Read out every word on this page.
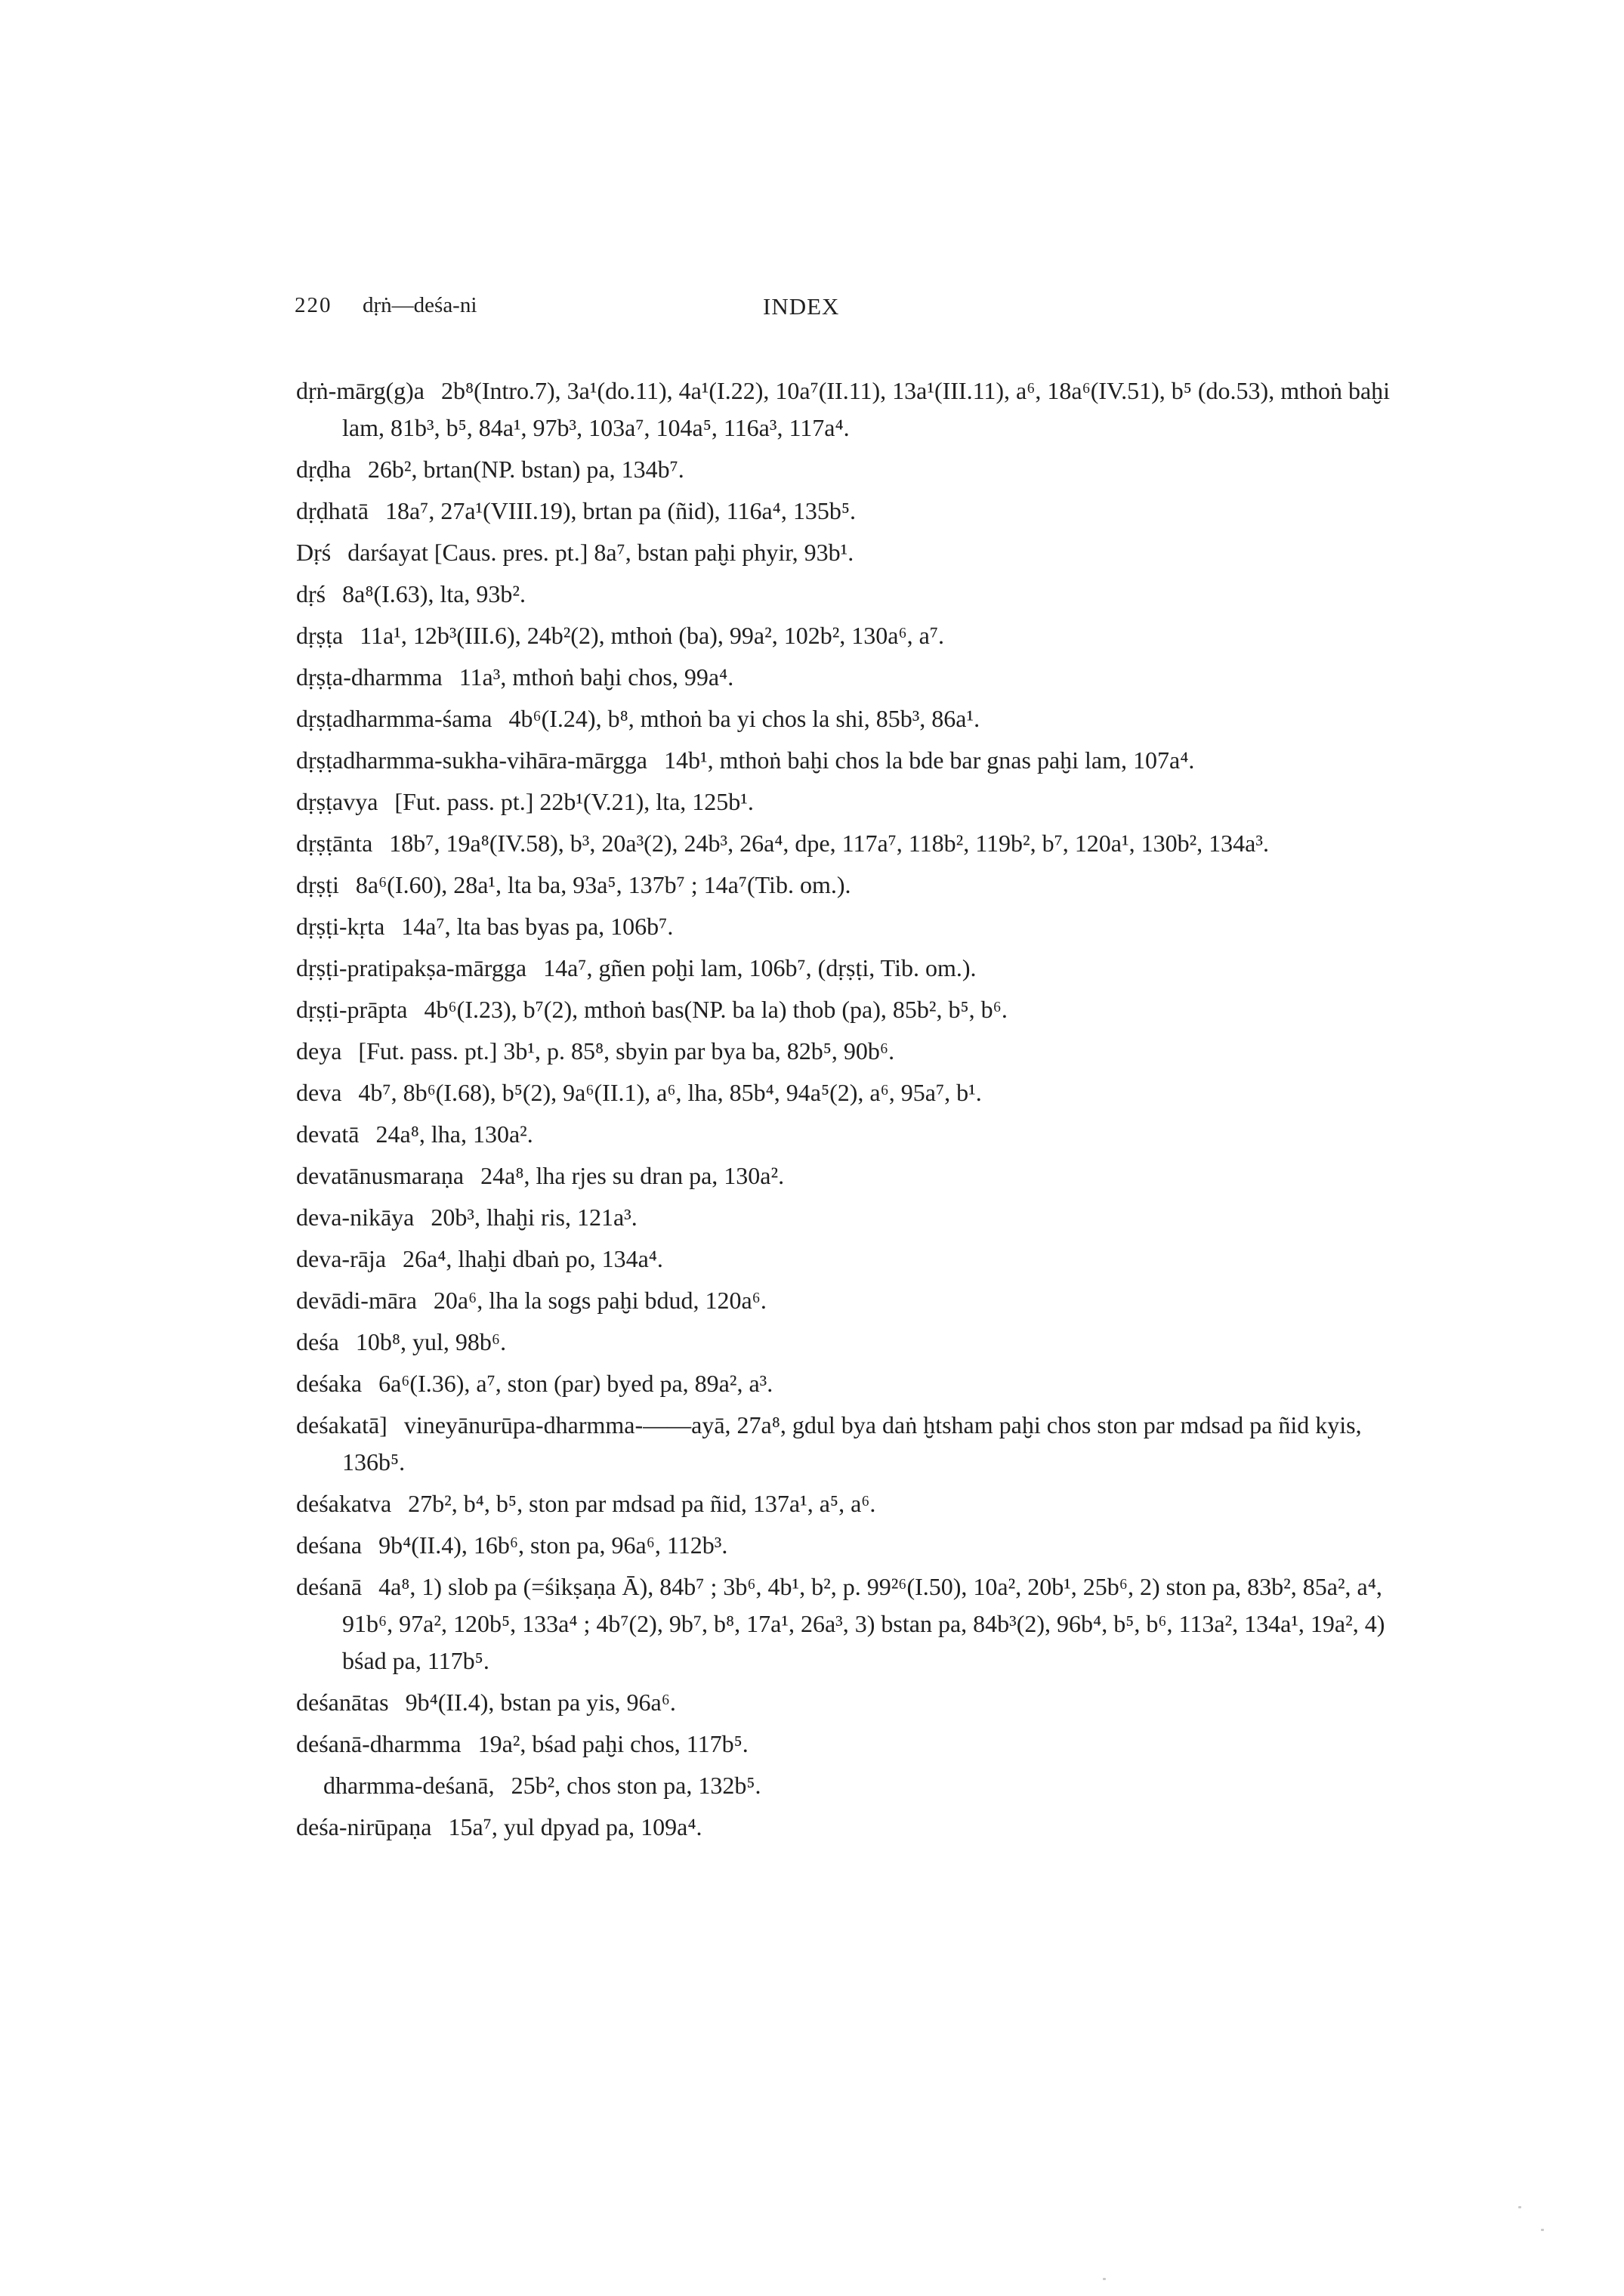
220 dṛṅ—deśa-ni	INDEX
dṛṅ-mārg(g)a 2b⁸(Intro.7), 3a¹(do.11), 4a¹(I.22), 10a⁷(II.11), 13a¹(III.11), a⁶, 18a⁶(IV.51), b⁵ (do.53), mthoṅ baḫi lam, 81b³, b⁵, 84a¹, 97b³, 103a⁷, 104a⁵, 116a³, 117a⁴.
dṛḍha 26b², brtan(NP. bstan) pa, 134b⁷.
dṛḍhatā 18a⁷, 27a¹(VIII.19), brtan pa (ñid), 116a⁴, 135b⁵.
Dṛś darśayat [Caus. pres. pt.] 8a⁷, bstan paḫi phyir, 93b¹.
dṛś 8a⁸(I.63), lta, 93b².
dṛṣṭa 11a¹, 12b³(III.6), 24b²(2), mthoṅ (ba), 99a², 102b², 130a⁶, a⁷.
dṛṣṭa-dharmma 11a³, mthoṅ baḫi chos, 99a⁴.
dṛṣṭadharmma-śama 4b⁶(I.24), b⁸, mthoṅ ba yi chos la shi, 85b³, 86a¹.
dṛṣṭadharmma-sukha-vihāra-mārgga 14b¹, mthoṅ baḫi chos la bde bar gnas paḫi lam, 107a⁴.
dṛṣṭavya [Fut. pass. pt.] 22b¹(V.21), lta, 125b¹.
dṛṣṭānta 18b⁷, 19a⁸(IV.58), b³, 20a³(2), 24b³, 26a⁴, dpe, 117a⁷, 118b², 119b², b⁷, 120a¹, 130b², 134a³.
dṛṣṭi 8a⁶(I.60), 28a¹, lta ba, 93a⁵, 137b⁷ ; 14a⁷(Tib. om.).
dṛṣṭi-kṛta 14a⁷, lta bas byas pa, 106b⁷.
dṛṣṭi-pratipakṣa-mārgga 14a⁷, gñen poḫi lam, 106b⁷, (dṛṣṭi, Tib. om.).
dṛṣṭi-prāpta 4b⁶(I.23), b⁷(2), mthoṅ bas(NP. ba la) thob (pa), 85b², b⁵, b⁶.
deya [Fut. pass. pt.] 3b¹, p. 85⁸, sbyin par bya ba, 82b⁵, 90b⁶.
deva 4b⁷, 8b⁶(I.68), b⁵(2), 9a⁶(II.1), a⁶, lha, 85b⁴, 94a⁵(2), a⁶, 95a⁷, b¹.
devatā 24a⁸, lha, 130a².
devatānusmaraṇa 24a⁸, lha rjes su dran pa, 130a².
deva-nikāya 20b³, lhaḫi ris, 121a³.
deva-rāja 26a⁴, lhaḫi dbaṅ po, 134a⁴.
devādi-māra 20a⁶, lha la sogs paḫi bdud, 120a⁶.
deśa 10b⁸, yul, 98b⁶.
deśaka 6a⁶(I.36), a⁷, ston (par) byed pa, 89a², a³.
deśakatā] vineyānurūpa-dharmma-——ayā, 27a⁸, gdul bya daṅ ḫtsham paḫi chos ston par mdsad pa ñid kyis, 136b⁵.
deśakatva 27b², b⁴, b⁵, ston par mdsad pa ñid, 137a¹, a⁵, a⁶.
deśana 9b⁴(II.4), 16b⁶, ston pa, 96a⁶, 112b³.
deśanā 4a⁸, 1) slob pa (=śikṣaṇa Ā), 84b⁷ ; 3b⁶, 4b¹, b², p. 99²⁶(I.50), 10a², 20b¹, 25b⁶, 2) ston pa, 83b², 85a², a⁴, 91b⁶, 97a², 120b⁵, 133a⁴ ; 4b⁷(2), 9b⁷, b⁸, 17a¹, 26a³, 3) bstan pa, 84b³(2), 96b⁴, b⁵, b⁶, 113a², 134a¹, 19a², 4) bśad pa, 117b⁵.
deśanātas 9b⁴(II.4), bstan pa yis, 96a⁶.
deśanā-dharmma 19a², bśad paḫi chos, 117b⁵.
dharmma-deśanā, 25b², chos ston pa, 132b⁵.
deśa-nirūpaṇa 15a⁷, yul dpyad pa, 109a⁴.
